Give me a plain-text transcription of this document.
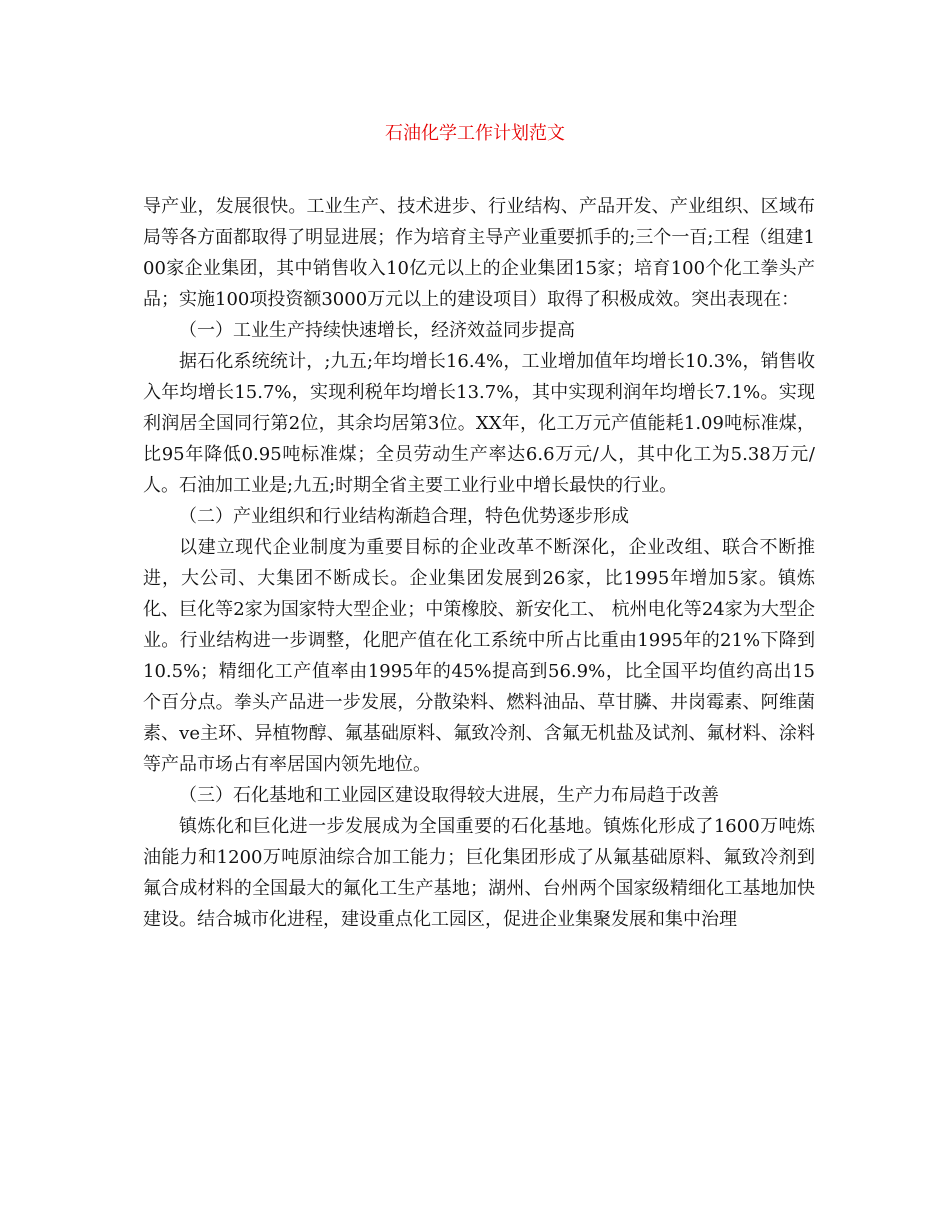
石油化学工作计划范文

导产业，发展很快。工业生产、技术进步、行业结构、产品开发、产业组织、区域布局等各方面都取得了明显进展；作为培育主导产业重要抓手的;三个一百;工程（组建100家企业集团，其中销售收入10亿元以上的企业集团15家；培育100个化工拳头产品；实施100项投资额3000万元以上的建设项目）取得了积极成效。突出表现在：

（一）工业生产持续快速增长，经济效益同步提高

据石化系统统计，;九五;年均增长16.4%，工业增加值年均增长10.3%，销售收入年均增长15.7%，实现利税年均增长13.7%，其中实现利润年均增长7.1%。实现利润居全国同行第2位，其余均居第3位。XX年，化工万元产值能耗1.09吨标准煤，比95年降低0.95吨标准煤；全员劳动生产率达6.6万元/人，其中化工为5.38万元/人。石油加工业是;九五;时期全省主要工业行业中增长最快的行业。

（二）产业组织和行业结构渐趋合理，特色优势逐步形成

以建立现代企业制度为重要目标的企业改革不断深化，企业改组、联合不断推进，大公司、大集团不断成长。企业集团发展到26家，比1995年增加5家。镇炼化、巨化等2家为国家特大型企业；中策橡胶、新安化工、 杭州电化等24家为大型企业。行业结构进一步调整，化肥产值在化工系统中所占比重由1995年的21%下降到10.5%；精细化工产值率由1995年的45%提高到56.9%，比全国平均值约高出15个百分点。拳头产品进一步发展，分散染料、燃料油品、草甘膦、井岗霉素、阿维菌素、ve主环、异植物醇、氟基础原料、氟致冷剂、含氟无机盐及试剂、氟材料、涂料等产品市场占有率居国内领先地位。

（三）石化基地和工业园区建设取得较大进展，生产力布局趋于改善

镇炼化和巨化进一步发展成为全国重要的石化基地。镇炼化形成了1600万吨炼油能力和1200万吨原油综合加工能力；巨化集团形成了从氟基础原料、氟致冷剂到氟合成材料的全国最大的氟化工生产基地；湖州、台州两个国家级精细化工基地加快建设。结合城市化进程，建设重点化工园区，促进企业集聚发展和集中治理
